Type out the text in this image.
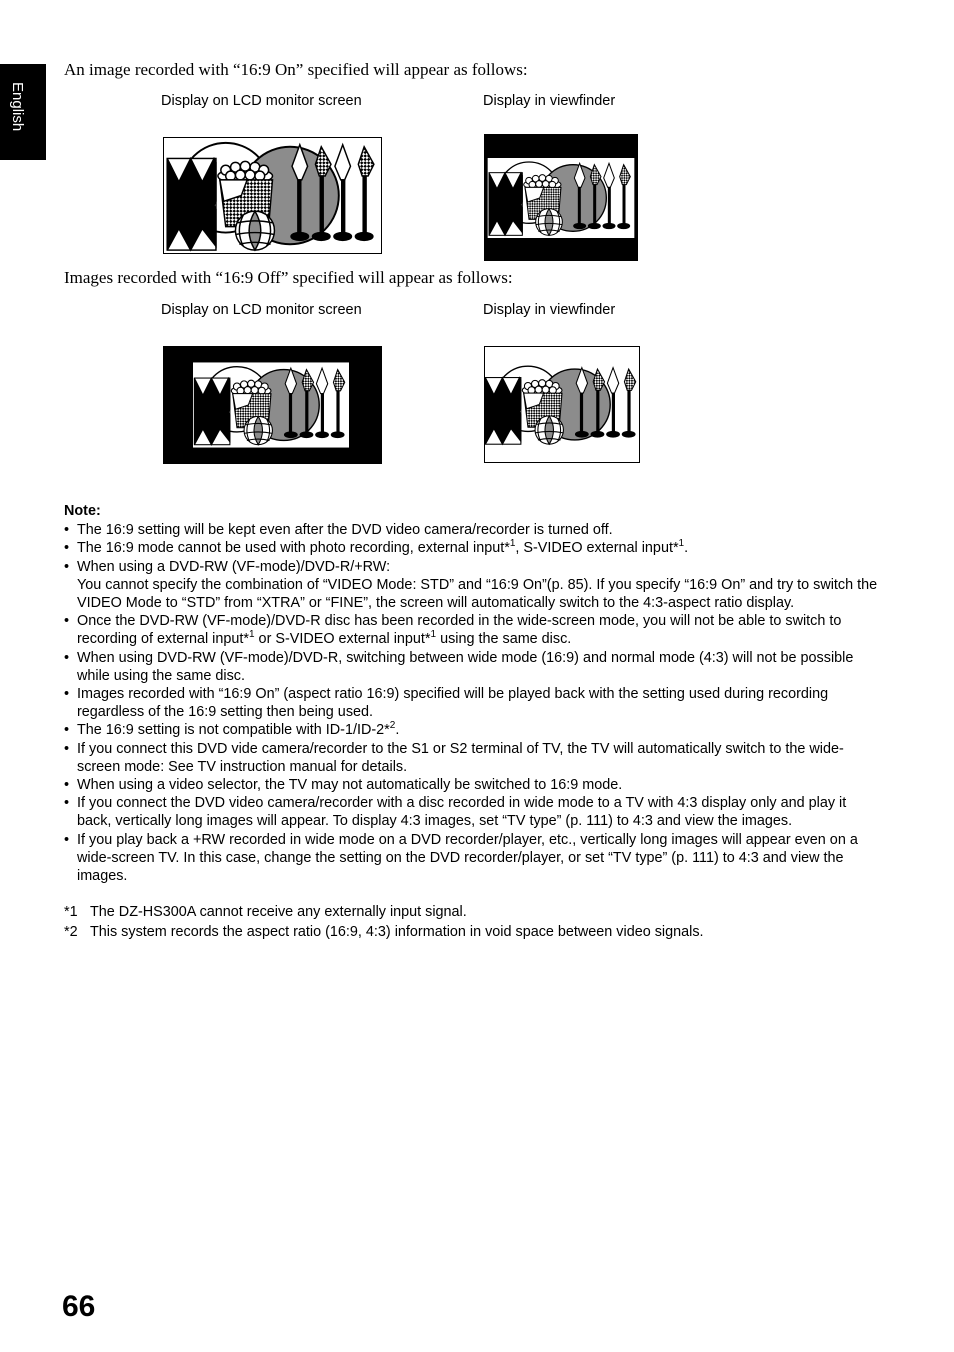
English
An image recorded with “16:9 On” specified will appear as follows:
Display on LCD monitor screen	Display in viewfinder
Images recorded with “16:9 Off” specified will appear as follows:
Display on LCD monitor screen	Display in viewfinder
Note:
• The 16:9 setting will be kept even after the DVD video camera/recorder is turned off.
• The 16:9 mode cannot be used with photo recording, external input*$^1$, S-VIDEO external input*$^1$.

• When using a DVD-RW (VF-mode)/DVD-R/+RW:

You cannot specify the combination of “VIDEO Mode: STD” and “16:9 On”(p. 85). If you specify “16:9 On” and try to switch the VIDEO Mode to “STD” from “XTRA” or “FINE”, the screen will automatically switch to the 4:3-aspect ratio display.

• Once the DVD-RW (VF-mode)/DVD-R disc has been recorded in the wide-screen mode, you will not be able to switch to recording of external input*$^1$ or S-VIDEO external input*$^1$ using the same disc.
• When using DVD-RW (VF-mode)/DVD-R, switching between wide mode (16:9) and normal mode (4:3) will not be possible while using the same disc.
• Images recorded with “16:9 On” (aspect ratio 16:9) specified will be played back with the setting used during recording regardless of the 16:9 setting then being used.
• The 16:9 setting is not compatible with ID-1/ID-2*$^2$.
• If you connect this DVD vide camera/recorder to the S1 or S2 terminal of TV, the TV will automatically switch to the wide-screen mode: See TV instruction manual for details.
• When using a video selector, the TV may not automatically be switched to 16:9 mode.
• If you connect the DVD video camera/recorder with a disc recorded in wide mode to a TV with 4:3 display only and play it back, vertically long images will appear. To display 4:3 images, set “TV type” (p. 111) to 4:3 and view the images.
• If you play back a +RW recorded in wide mode on a DVD recorder/player, etc., vertically long images will appear even on a wide-screen TV. In this case, change the setting on the DVD recorder/player, or set “TV type” (p. 111) to 4:3 and view the images.
*1 The DZ-HS300A cannot receive any externally input signal.
*2 This system records the aspect ratio (16:9, 4:3) information in void space between video signals.
66
